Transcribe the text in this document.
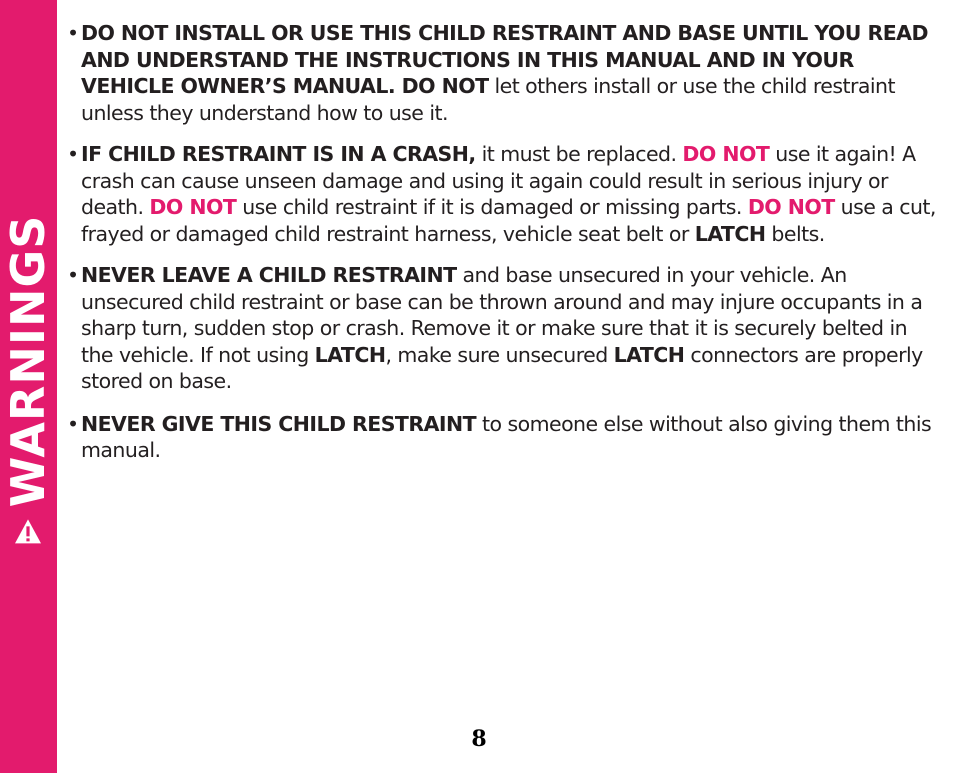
WARNINGS
• DO NOT INSTALL OR USE THIS CHILD RESTRAINT AND BASE UNTIL YOU READ AND UNDERSTAND THE INSTRUCTIONS IN THIS MANUAL AND IN YOUR VEHICLE OWNER’S MANUAL. DO NOT let others install or use the child restraint unless they understand how to use it.
• IF CHILD RESTRAINT IS IN A CRASH, it must be replaced. DO NOT use it again! A crash can cause unseen damage and using it again could result in serious injury or death. DO NOT use child restraint if it is damaged or missing parts. DO NOT use a cut, frayed or damaged child restraint harness, vehicle seat belt or LATCH belts.
• NEVER LEAVE A CHILD RESTRAINT and base unsecured in your vehicle. An unsecured child restraint or base can be thrown around and may injure occupants in a sharp turn, sudden stop or crash. Remove it or make sure that it is securely belted in the vehicle. If not using LATCH, make sure unsecured LATCH connectors are properly stored on base.
• NEVER GIVE THIS CHILD RESTRAINT to someone else without also giving them this manual.
8
